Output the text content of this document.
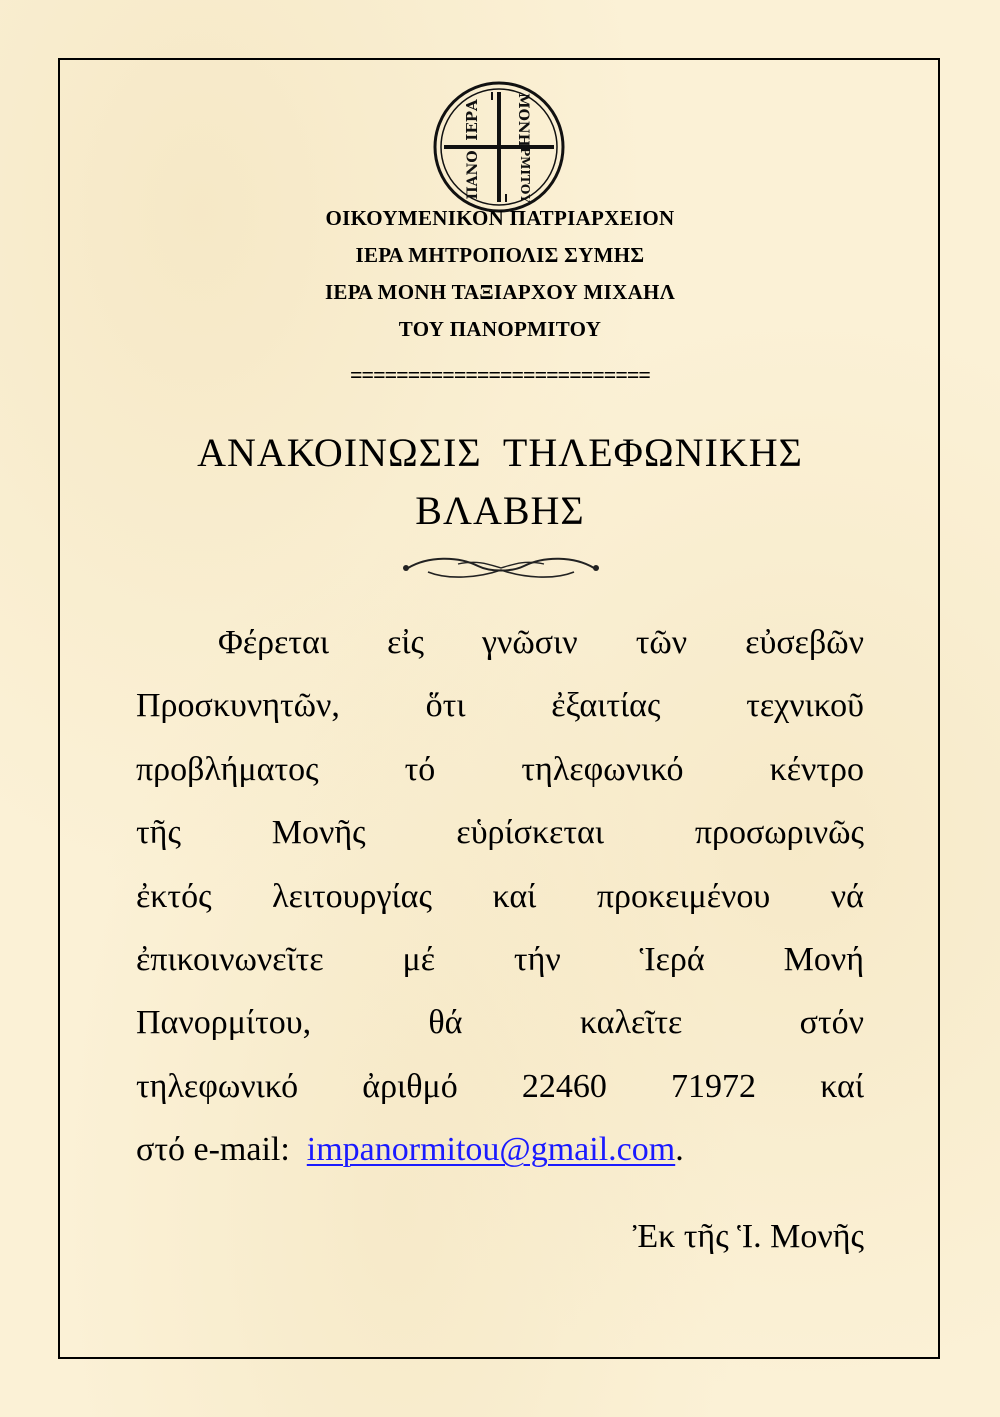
ΙΕΡΑ ΜΟΝΗ
ΠΑΝΟ	ΡΜΙΤΟΥ
ΟΙΚΟΥΜΕΝΙΚΟΝ ΠΑΤΡΙΑΡΧΕΙΟΝ
ΙΕΡΑ ΜΗΤΡΟΠΟΛΙΣ ΣΥΜΗΣ
ΙΕΡΑ ΜΟΝΗ ΤΑΞΙΑΡΧΟΥ ΜΙΧΑΗΛ
ΤΟΥ ΠΑΝΟΡΜΙΤΟΥ
==========================
ΑΝΑΚΟΙΝΩΣΙΣ  ΤΗΛΕΦΩΝΙΚΗΣ
ΒΛΑΒΗΣ
Φέρεται εἰς γνῶσιν τῶν εὐσεβῶν
Προσκυνητῶν, ὅτι ἐξαιτίας τεχνικοῦ
προβλήματος τό τηλεφωνικό κέντρο
τῆς Μονῆς εὑρίσκεται προσωρινῶς
ἐκτός λειτουργίας καί προκειμένου νά
ἐπικοινωνεῖτε μέ τήν Ἱερά Μονή
Πανορμίτου, θά καλεῖτε στόν
τηλεφωνικό ἀριθμό 22460 71972 καί
στό e-mail:  impanormitou@gmail.com.
Ἐκ τῆς Ἱ. Μονῆς
